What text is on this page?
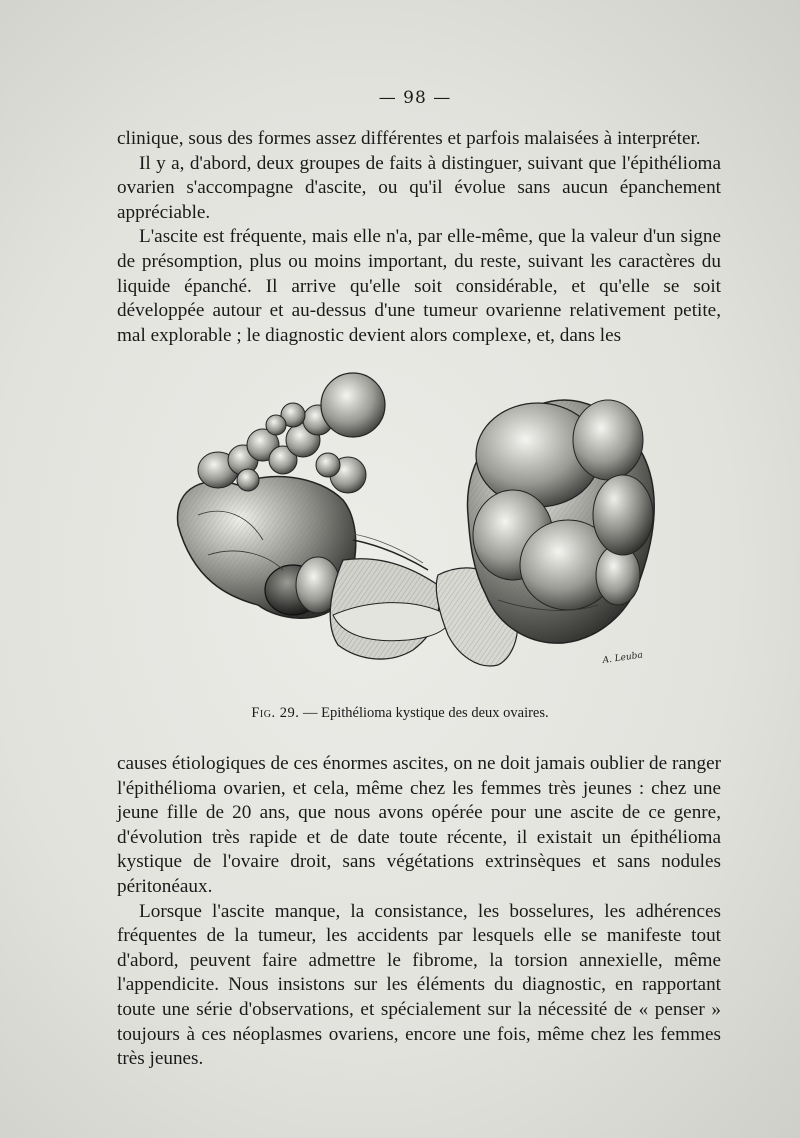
— 98 —

clinique, sous des formes assez différentes et parfois malaisées à interpréter.

Il y a, d'abord, deux groupes de faits à distinguer, suivant que l'épithélioma ovarien s'accompagne d'ascite, ou qu'il évolue sans aucun épanchement appréciable.

L'ascite est fréquente, mais elle n'a, par elle-même, que la valeur d'un signe de présomption, plus ou moins important, du reste, suivant les caractères du liquide épanché. Il arrive qu'elle soit considérable, et qu'elle se soit développée autour et au-dessus d'une tumeur ovarienne relativement petite, mal explorable ; le diagnostic devient alors complexe, et, dans les

A. Leuba
Fig. 29. — Epithélioma kystique des deux ovaires.

causes étiologiques de ces énormes ascites, on ne doit jamais oublier de ranger l'épithélioma ovarien, et cela, même chez les femmes très jeunes : chez une jeune fille de 20 ans, que nous avons opérée pour une ascite de ce genre, d'évolution très rapide et de date toute récente, il existait un épithélioma kystique de l'ovaire droit, sans végétations extrinsèques et sans nodules péritonéaux.

Lorsque l'ascite manque, la consistance, les bosselures, les adhérences fréquentes de la tumeur, les accidents par lesquels elle se manifeste tout d'abord, peuvent faire admettre le fibrome, la torsion annexielle, même l'appendicite. Nous insistons sur les éléments du diagnostic, en rapportant toute une série d'observations, et spécialement sur la nécessité de « penser » toujours à ces néoplasmes ovariens, encore une fois, même chez les femmes très jeunes.
